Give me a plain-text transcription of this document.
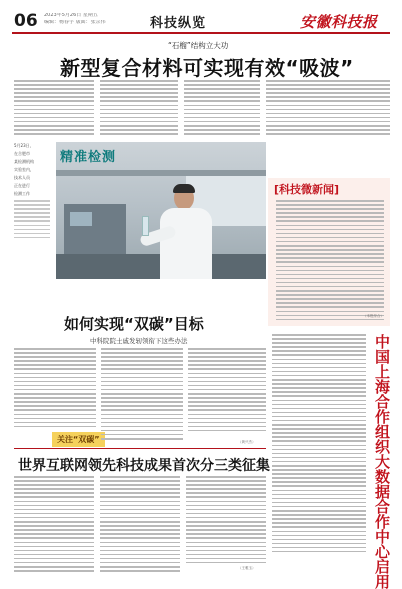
06 2023年5月26日 星期五
编辑：杨春宇 版面：张宗伟	科技纵览	安徽科技报
“石榴”结构立大功
新型复合材料可实现有效“吸波”
5月23日，
在合肥市
某检测机构
实验室内，
技术人员
正在进行
检测工作
精准检测
[科技微新闻]
（本报综合）
如何实现“双碳”目标
中科院院士戚发轫领衔下这些办法
关注“双碳”	（黄兴杰）
世界互联网领先科技成果首次分三类征集
（王雅玉）	中国上海合作组织大数据合作中心启用
